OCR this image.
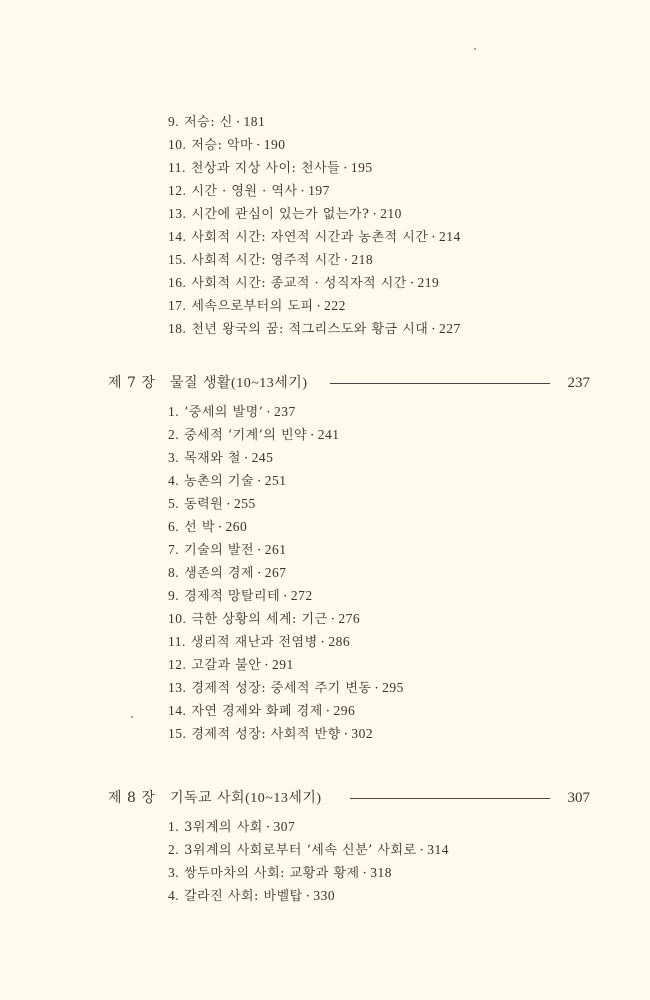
9. 저승: 신 · 181
10. 저승: 악마 · 190
11. 천상과 지상 사이: 천사들 · 195
12. 시간 · 영원 · 역사 · 197
13. 시간에 관심이 있는가 없는가? · 210
14. 사회적 시간: 자연적 시간과 농촌적 시간 · 214
15. 사회적 시간: 영주적 시간 · 218
16. 사회적 시간: 종교적 · 성직자적 시간 · 219
17. 세속으로부터의 도피 · 222
18. 천년 왕국의 꿈: 적그리스도와 황금 시대 · 227
제 7 장 물질 생활(10~13세기)	237
1. ‘중세의 발명’ · 237
2. 중세적 ‘기계’의 빈약 · 241
3. 목재와 철 · 245
4. 농촌의 기술 · 251
5. 동력원 · 255
6. 선 박 · 260
7. 기술의 발전 · 261
8. 생존의 경제 · 267
9. 경제적 망탈리테 · 272
10. 극한 상황의 세계: 기근 · 276
11. 생리적 재난과 전염병 · 286
12. 고갈과 불안 · 291
13. 경제적 성장: 중세적 주기 변동 · 295
14. 자연 경제와 화폐 경제 · 296
15. 경제적 성장: 사회적 반향 · 302
제 8 장 기독교 사회(10~13세기)	307
1. 3위계의 사회 · 307
2. 3위계의 사회로부터 ‘세속 신분’ 사회로 · 314
3. 쌍두마차의 사회: 교황과 황제 · 318
4. 갈라진 사회: 바벨탑 · 330
